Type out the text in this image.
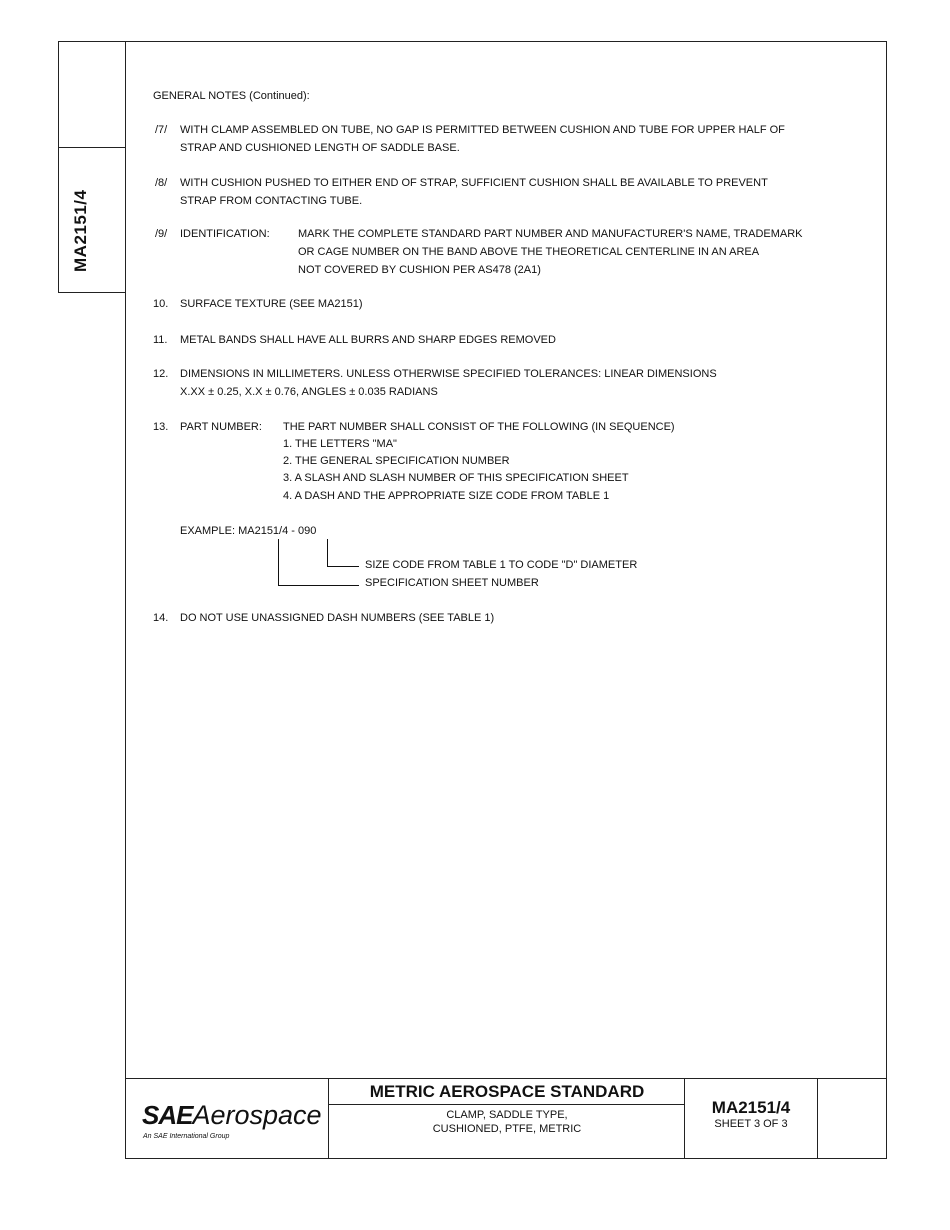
MA2151/4
GENERAL NOTES (Continued):
/7/ WITH CLAMP ASSEMBLED ON TUBE, NO GAP IS PERMITTED BETWEEN CUSHION AND TUBE FOR UPPER HALF OF
STRAP AND CUSHIONED LENGTH OF SADDLE BASE.
/8/ WITH CUSHION PUSHED TO EITHER END OF STRAP, SUFFICIENT CUSHION SHALL BE AVAILABLE TO PREVENT
STRAP FROM CONTACTING TUBE.
/9/ IDENTIFICATION:	MARK THE COMPLETE STANDARD PART NUMBER AND MANUFACTURER'S NAME, TRADEMARK
OR CAGE NUMBER ON THE BAND ABOVE THE THEORETICAL CENTERLINE IN AN AREA
NOT COVERED BY CUSHION PER AS478 (2A1)
10. SURFACE TEXTURE (SEE MA2151)
11. METAL BANDS SHALL HAVE ALL BURRS AND SHARP EDGES REMOVED
12. DIMENSIONS IN MILLIMETERS. UNLESS OTHERWISE SPECIFIED TOLERANCES: LINEAR DIMENSIONS
X.XX ± 0.25, X.X ± 0.76, ANGLES ± 0.035 RADIANS
13. PART NUMBER: THE PART NUMBER SHALL CONSIST OF THE FOLLOWING (IN SEQUENCE)
1. THE LETTERS "MA"
2. THE GENERAL SPECIFICATION NUMBER
3. A SLASH AND SLASH NUMBER OF THIS SPECIFICATION SHEET
4. A DASH AND THE APPROPRIATE SIZE CODE FROM TABLE 1
EXAMPLE: MA2151/4 - 090
SIZE CODE FROM TABLE 1 TO CODE "D" DIAMETER
SPECIFICATION SHEET NUMBER
14. DO NOT USE UNASSIGNED DASH NUMBERS (SEE TABLE 1)
SAEAerospace
An SAE International Group
METRIC AEROSPACE STANDARD
CLAMP, SADDLE TYPE,
CUSHIONED, PTFE, METRIC
MA2151/4
SHEET 3 OF 3
